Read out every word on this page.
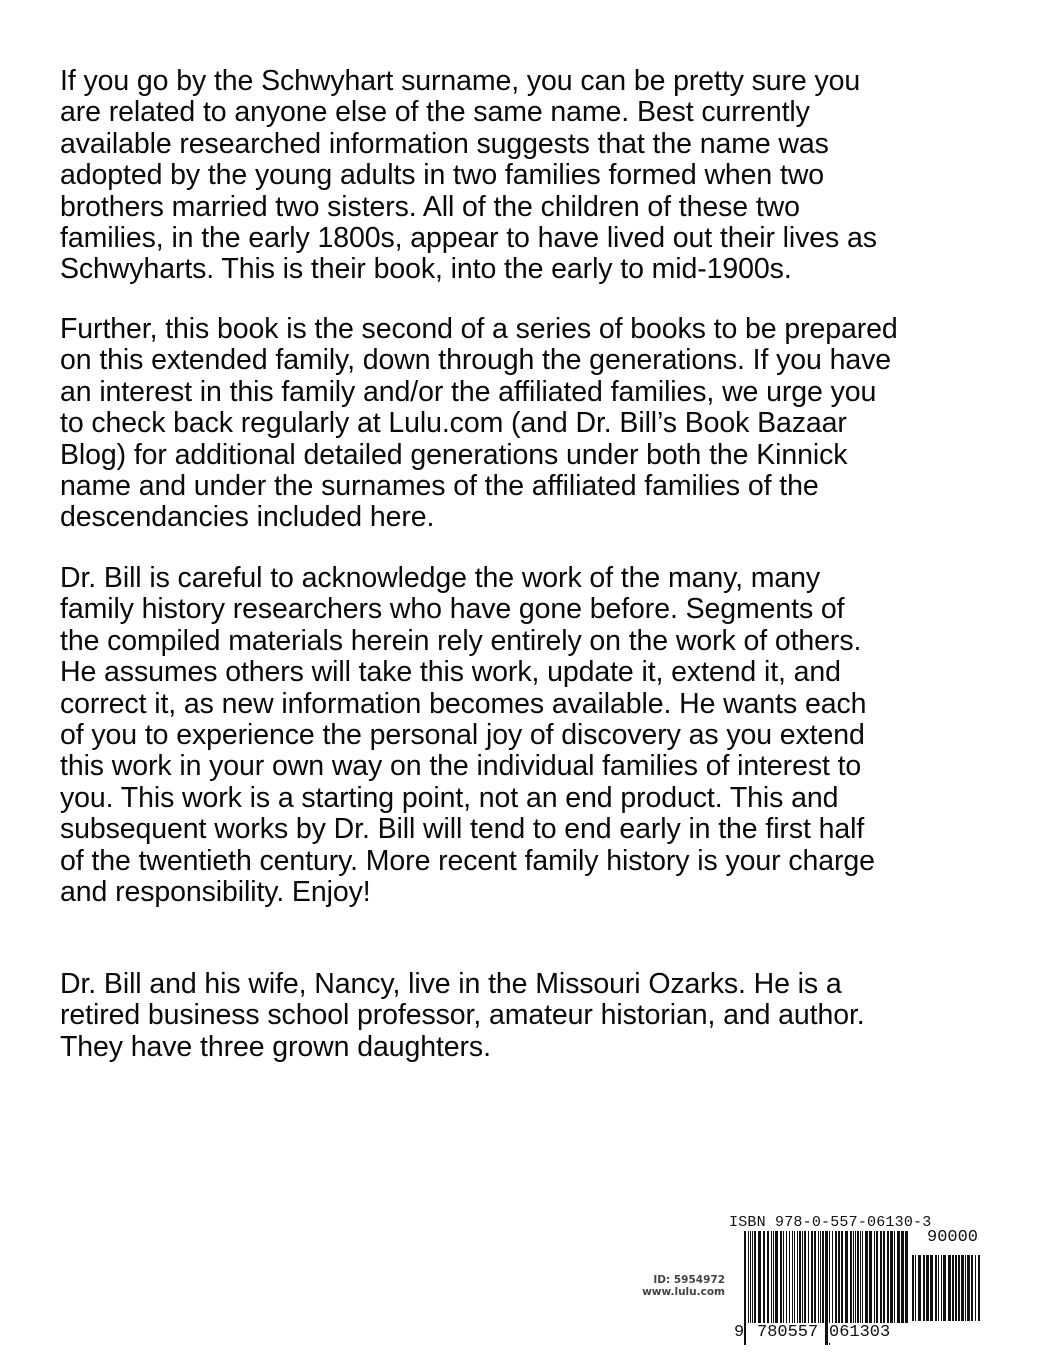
If you go by the Schwyhart surname, you can be pretty sure you
are related to anyone else of the same name. Best currently
available researched information suggests that the name was
adopted by the young adults in two families formed when two
brothers married two sisters. All of the children of these two
families, in the early 1800s, appear to have lived out their lives as
Schwyharts. This is their book, into the early to mid-1900s.

Further, this book is the second of a series of books to be prepared
on this extended family, down through the generations. If you have
an interest in this family and/or the affiliated families, we urge you
to check back regularly at Lulu.com (and Dr. Bill’s Book Bazaar
Blog) for additional detailed generations under both the Kinnick
name and under the surnames of the affiliated families of the
descendancies included here.

Dr. Bill is careful to acknowledge the work of the many, many
family history researchers who have gone before. Segments of
the compiled materials herein rely entirely on the work of others.
He assumes others will take this work, update it, extend it, and
correct it, as new information becomes available. He wants each
of you to experience the personal joy of discovery as you extend
this work in your own way on the individual families of interest to
you. This work is a starting point, not an end product. This and
subsequent works by Dr. Bill will tend to end early in the first half
of the twentieth century. More recent family history is your charge
and responsibility. Enjoy!

Dr. Bill and his wife, Nancy, live in the Missouri Ozarks. He is a
retired business school professor, amateur historian, and author.
They have three grown daughters.

ID: 5954972
www.lulu.com
ISBN 978-0-557-06130-3
90000
9 780557 061303
